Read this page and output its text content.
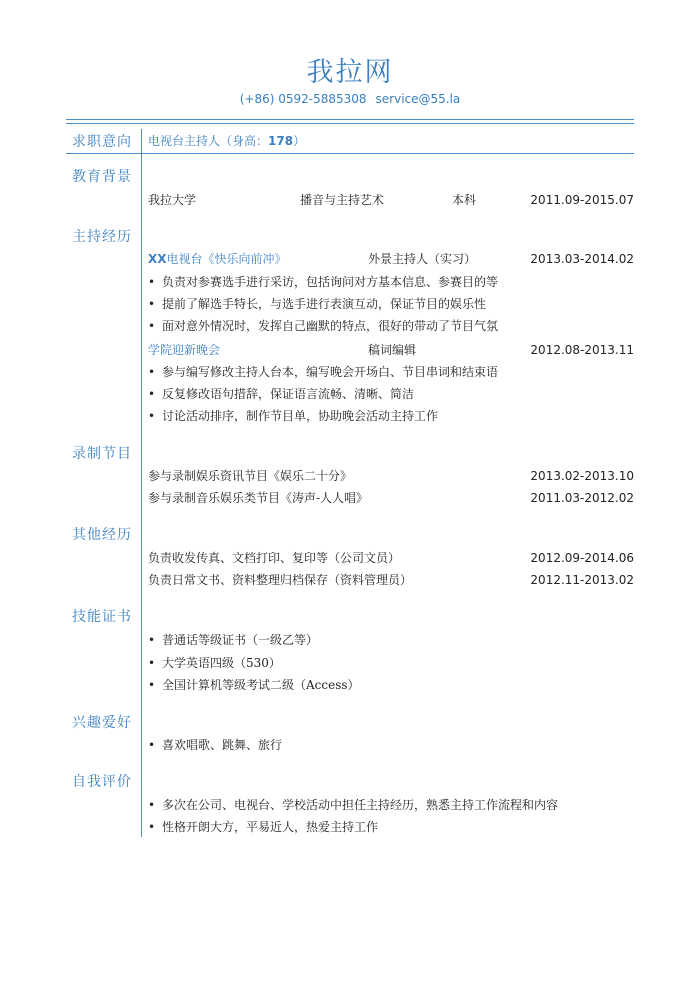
我拉网
(+86) 0592-5885308 service@55.la
求职意向 电视台主持人（身高：178）
教育背景
我拉大学	播音与主持艺术	本科	2011.09-2015.07
主持经历
XX电视台《快乐向前冲》	外景主持人（实习）	2013.03-2014.02
• 负责对参赛选手进行采访，包括询问对方基本信息、参赛目的等
• 提前了解选手特长，与选手进行表演互动，保证节目的娱乐性
• 面对意外情况时，发挥自己幽默的特点，很好的带动了节目气氛
学院迎新晚会	稿词编辑	2012.08-2013.11
• 参与编写修改主持人台本，编写晚会开场白、节目串词和结束语
• 反复修改语句措辞，保证语言流畅、清晰、简洁
• 讨论活动排序，制作节目单，协助晚会活动主持工作
录制节目
参与录制娱乐资讯节目《娱乐二十分》	2013.02-2013.10
参与录制音乐娱乐类节目《涛声-人人唱》	2011.03-2012.02
其他经历
负责收发传真、文档打印、复印等（公司文员）	2012.09-2014.06
负责日常文书、资料整理归档保存（资料管理员）	2012.11-2013.02
技能证书
• 普通话等级证书（一级乙等）
• 大学英语四级（530）
• 全国计算机等级考试二级（Access）
兴趣爱好
• 喜欢唱歌、跳舞、旅行
自我评价
• 多次在公司、电视台、学校活动中担任主持经历，熟悉主持工作流程和内容
• 性格开朗大方，平易近人，热爱主持工作
